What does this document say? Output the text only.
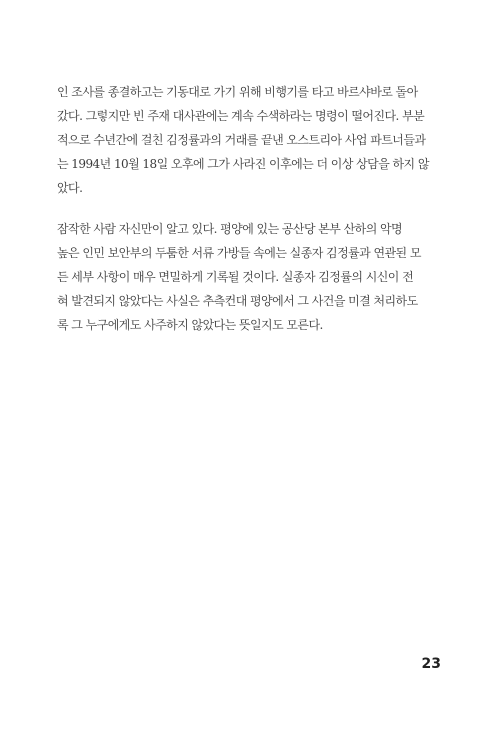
인 조사를 종결하고는 기동대로 가기 위해 비행기를 타고 바르샤바로 돌아
갔다. 그렇지만 빈 주재 대사관에는 계속 수색하라는 명령이 떨어진다. 부분
적으로 수년간에 걸친 김정률과의 거래를 끝낸 오스트리아 사업 파트너들과
는 1994년 10월 18일 오후에 그가 사라진 이후에는 더 이상 상담을 하지 않
았다.
잠작한 사람 자신만이 알고 있다. 평양에 있는 공산당 본부 산하의 악명
높은 인민 보안부의 두툼한 서류 가방들 속에는 실종자 김정률과 연관된 모
든 세부 사항이 매우 면밀하게 기록될 것이다. 실종자 김정률의 시신이 전
혀 발견되지 않았다는 사실은 추측컨대 평양에서 그 사건을 미결 처리하도
록 그 누구에게도 사주하지 않았다는 뜻일지도 모른다.
23
